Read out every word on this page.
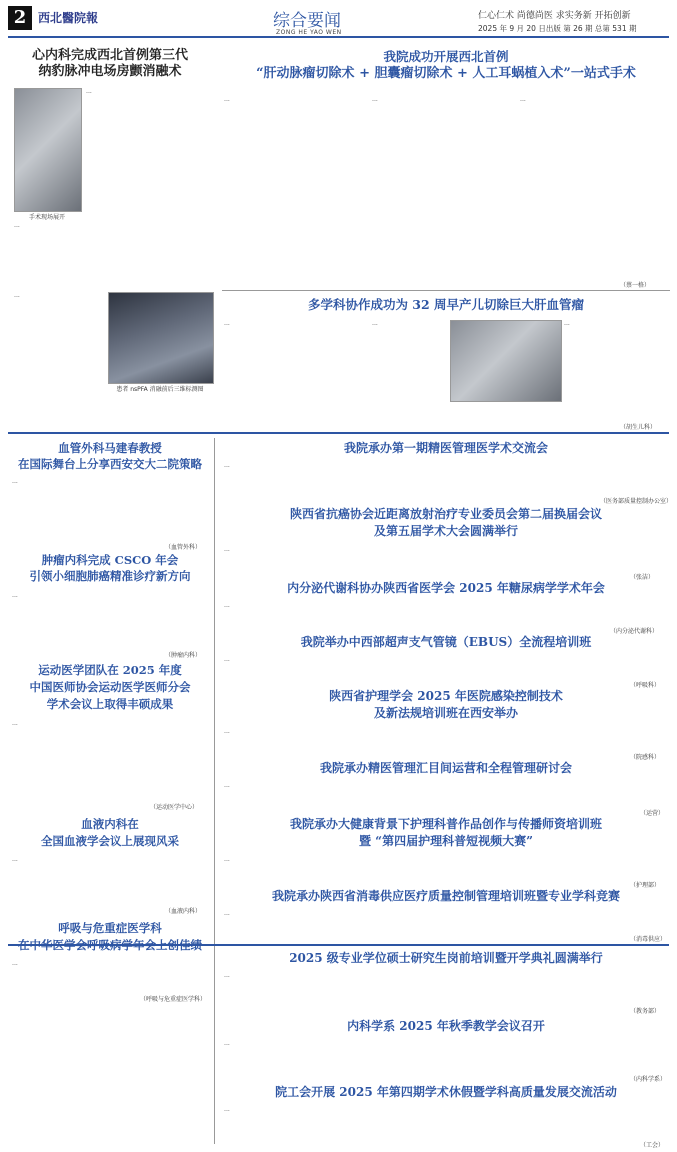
2 西北醫院報	综合要闻
ZONG HE YAO WEN
仁心仁术 尚德尚医 求实务新 开拓创新
2025 年 9 月 20 日出版 第 26 期 总第 531 期
心内科完成西北首例第三代
纳豹脉冲电场房颤消融术
手术现场展开
...
...
患者 nsPFA 消融前后三维标测图
...
我院成功开展西北首例
“肝动脉瘤切除术 + 胆囊瘤切除术 + 人工耳蜗植入术”一站式手术
...	...	...
（蔡一格）
多学科协作成功为 32 周早产儿切除巨大肝血管瘤
...	...	...
（胡生儿科）
血管外科马建春教授
在国际舞台上分享西安交大二院策略
...
（血管外科）
肿瘤内科完成 CSCO 年会
引领小细胞肺癌精准诊疗新方向
...
（肿瘤内科）
运动医学团队在 2025 年度
中国医师协会运动医学医师分会
学术会议上取得丰硕成果
...
（运动医学中心）
血液内科在
全国血液学会议上展现风采
...
（血液内科）
呼吸与危重症医学科
...
（呼吸与危重症医学科）
我院承办第一期精医管理医学术交流会
...
（医务部质量控制办公室）
陕西省抗癌协会近距离放射治疗专业委员会第二届换届会议
及第五届学术大会圆满举行
...
（张洁）
内分泌代谢科协办陕西省医学会 2025 年糖尿病学学术年会
...
（内分泌代谢科）
我院举办中西部超声支气管镜（EBUS）全流程培训班
...
（呼吸科）
陕西省护理学会 2025 年医院感染控制技术
及新法规培训班在西安举办
...
（院感科）
我院承办精医管理汇目间运营和全程管理研讨会
...
（运营）
我院承办大健康背景下护理科普作品创作与传播师资培训班
暨 “第四届护理科普短视频大赛”
...
（护理部）
我院承办陕西省消毒供应医疗质量控制管理培训班暨专业学科竞赛
...
（消毒供应）
2025 级专业学位硕士研究生岗前培训暨开学典礼圆满举行
...
（教务部）
内科学系 2025 年秋季教学会议召开
...
（内科学系）
院工会开展 2025 年第四期学术休假暨学科高质量发展交流活动
...
（工会）
